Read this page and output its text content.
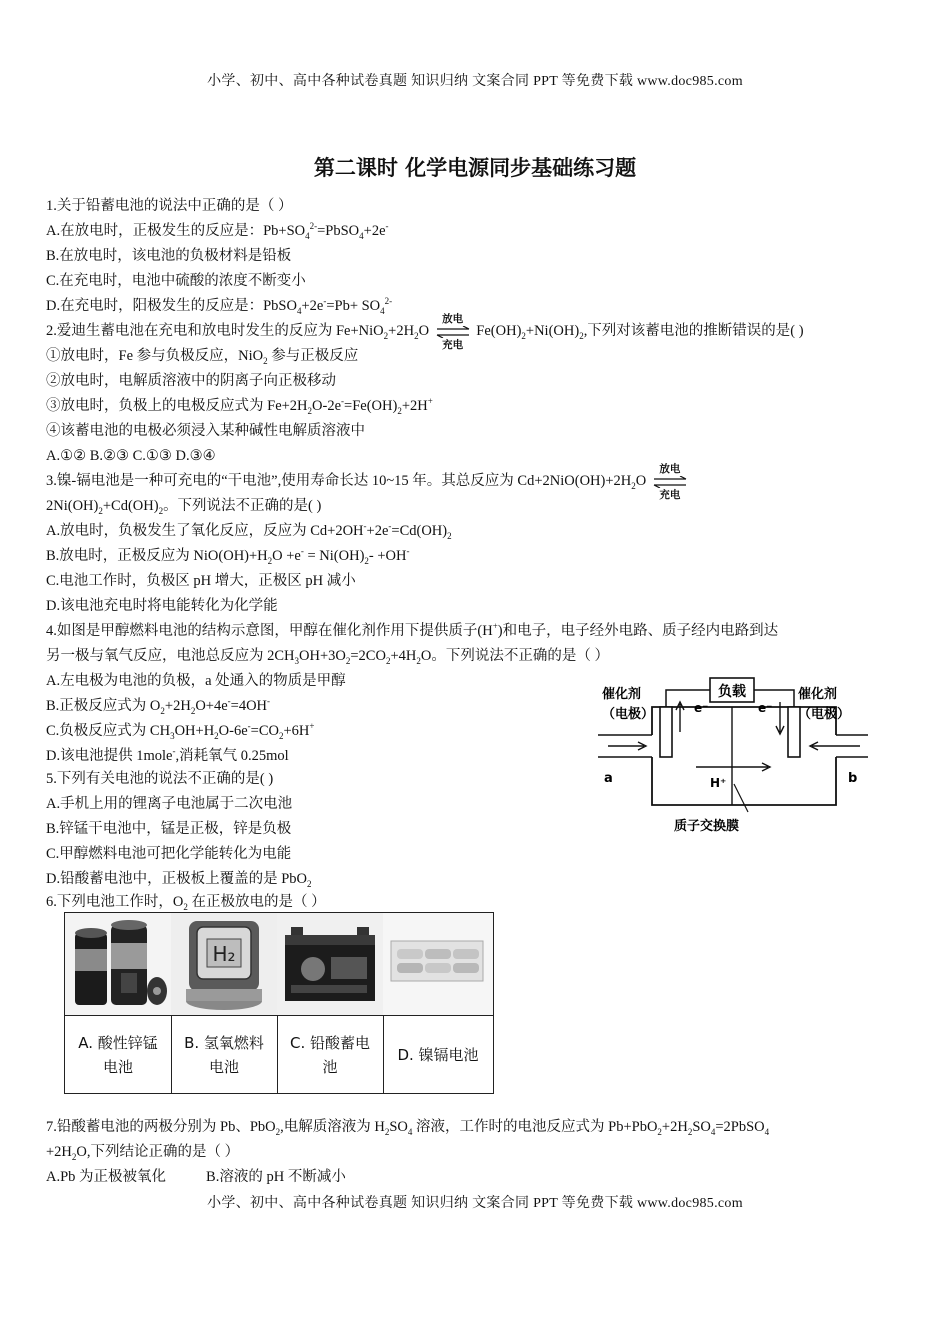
小学、初中、高中各种试卷真题 知识归纳 文案合同 PPT 等免费下载 www.doc985.com
第二课时 化学电源同步基础练习题
1.关于铅蓄电池的说法中正确的是（ ）
A.在放电时，正极发生的反应是：$Pb+SO_4^{2-}=PbSO_4+2e^-$
B.在放电时，该电池的负极材料是铅板
C.在充电时，电池中硫酸的浓度不断变小
D.在充电时，阳极发生的反应是：PbSO$_4$+2e-=Pb+ $SO_4^{2-}$
2.爱迪生蓄电池在充电和放电时发生的反应为 $Fe+NiO_2+2H_2O$
放电
充电
$Fe(OH)_2+Ni(OH)_2$,下列对该蓄电池的推断错误的是( )
①放电时，Fe 参与负极反应，NiO$_2$ 参与正极反应
②放电时，电解质溶液中的阴离子向正极移动
③放电时，负极上的电极反应式为 $Fe+2H_2O-2e^-=Fe(OH)_2+2H^+$
④该蓄电池的电极必须浸入某种碱性电解质溶液中
A.①② B.②③ C.①③ D.③④
3.镍-镉电池是一种可充电的“干电池”,使用寿命长达 10~15 年。其总反应为 $Cd+2NiO(OH)+2H_2O$
放电
充电
$2Ni(OH)_2+Cd(OH)_2$。下列说法不正确的是( )
A.放电时，负极发生了氧化反应，反应为 $Cd+2OH^-+2e^-=Cd(OH)_2$
B.放电时，正极反应为 $NiO(OH)+H_2O +e^- = Ni(OH)_2- +OH^-$
C.电池工作时，负极区 pH 增大，正极区 pH 减小
D.该电池充电时将电能转化为化学能
4.如图是甲醇燃料电池的结构示意图，甲醇在催化剂作用下提供质子(H+)和电子，电子经外电路、质子经内电路到达
另一极与氧气反应，电池总反应为 $2CH_3OH+3O_2=2CO_2+4H_2O$。下列说法不正确的是（ ）
A.左电极为电池的负极，a 处通入的物质是甲醇
B.正极反应式为 $O_2+2H_2O+4e^-=4OH^-$
C.负极反应式为 $CH_3OH+H_2O-6e^-=CO_2+6H^+$
D.该电池提供 1mole-,消耗氧气 0.25mol
负载
e⁻	e⁻
H⁺
a	b
质子交换膜
催化剂
（电极）
催化剂
（电极）
5.下列有关电池的说法不正确的是( )
A.手机上用的锂离子电池属于二次电池
B.锌锰干电池中，锰是正极，锌是负极
C.甲醇燃料电池可把化学能转化为电能
D.铅酸蓄电池中，正极板上覆盖的是 PbO$_2$
6.下列电池工作时，$O_2$ 在正极放电的是（ ）
H₂
A. 酸性锌锰电池
B. 氢氧燃料电池
C. 铅酸蓄电池
D. 镍镉电池
7.铅酸蓄电池的两极分别为 Pb、PbO$_2$,电解质溶液为 $H_2SO_4$ 溶液，工作时的电池反应式为 $Pb+PbO_2+2H_2SO_4=2PbSO_4$
$+2H_2O$,下列结论正确的是（ ）
A.Pb 为正极被氧化	B.溶液的 pH 不断减小
小学、初中、高中各种试卷真题 知识归纳 文案合同 PPT 等免费下载 www.doc985.com
